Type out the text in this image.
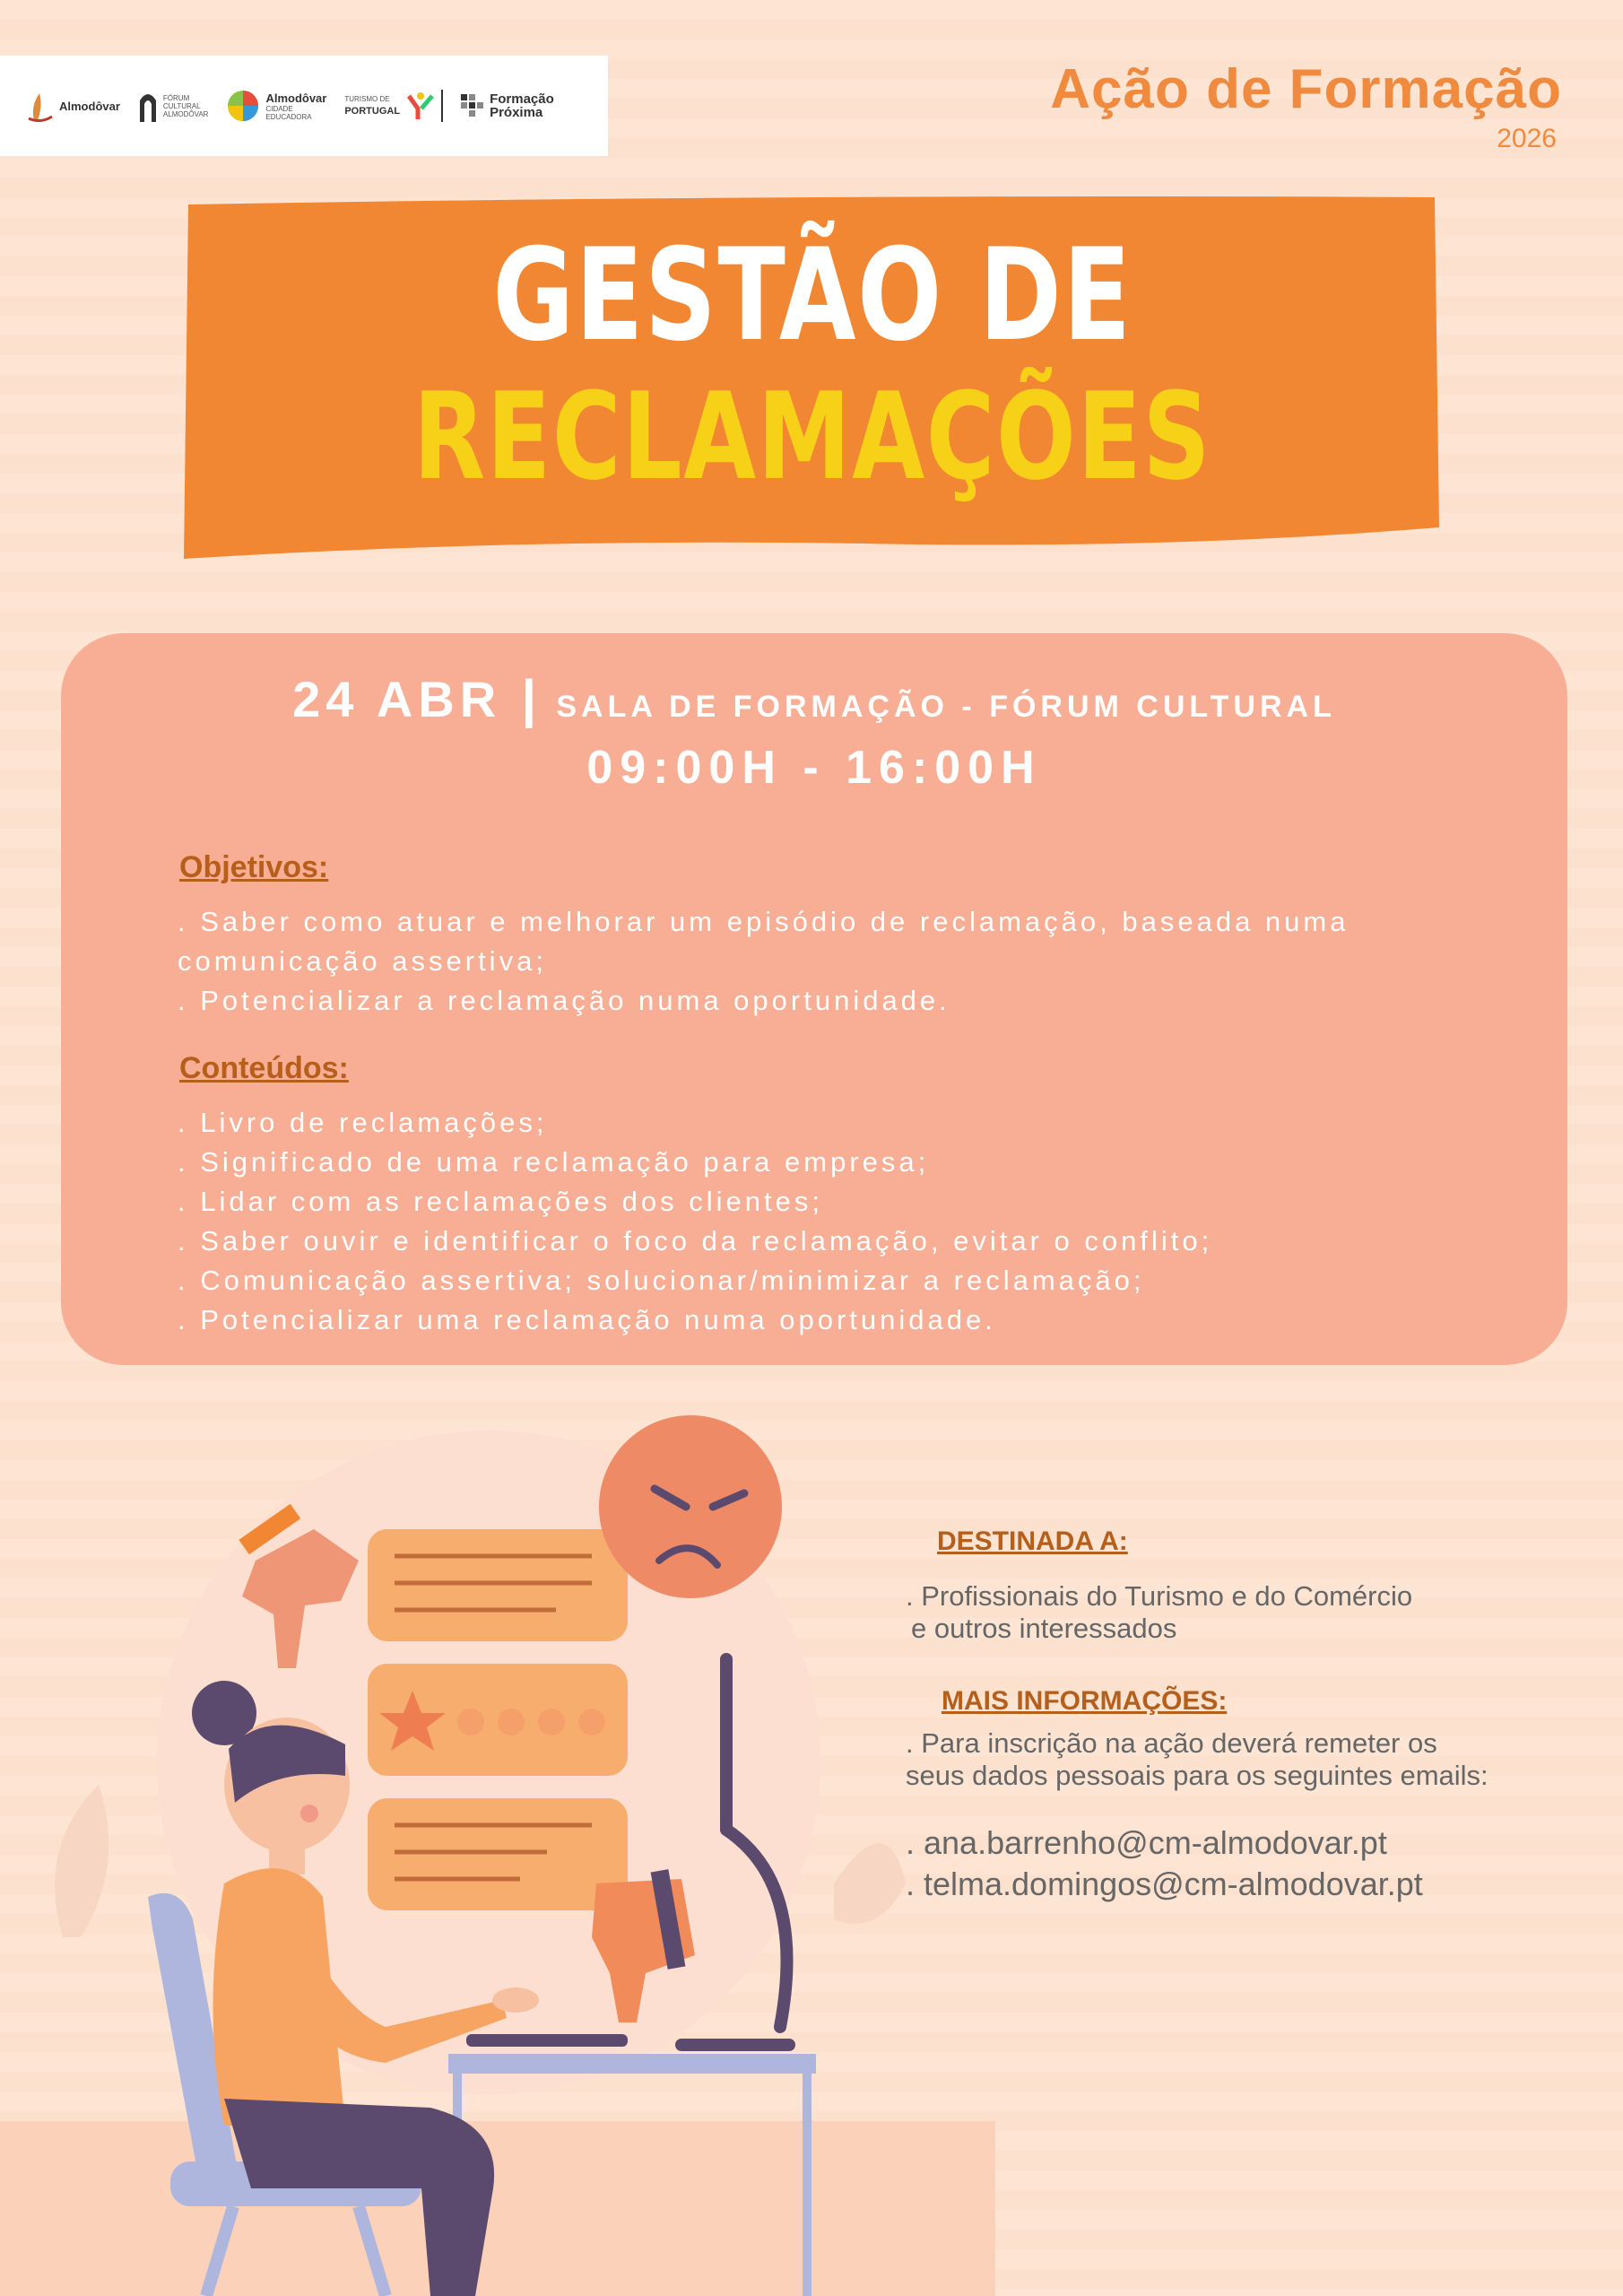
Almodôvar
FÓRUM
CULTURAL
ALMODÔVAR
Almodôvar
CIDADE
EDUCADORA
TURISMO DE
PORTUGAL
Formação
Próxima	Ação de Formação
2026
GESTÃO DE
RECLAMAÇÕES
24 ABR | SALA DE FORMAÇÃO - FÓRUM CULTURAL
09:00H - 16:00H
Objetivos:
. Saber como atuar e melhorar um episódio de reclamação, baseada numa
comunicação assertiva;
. Potencializar a reclamação numa oportunidade.
Conteúdos:
. Livro de reclamações;
. Significado de uma reclamação para empresa;
. Lidar com as reclamações dos clientes;
. Saber ouvir e identificar o foco da reclamação, evitar o conflito;
. Comunicação assertiva; solucionar/minimizar a reclamação;
. Potencializar uma reclamação numa oportunidade.
DESTINADA A:
. Profissionais do Turismo e do Comércio
e outros interessados
MAIS INFORMAÇÕES:
. Para inscrição na ação deverá remeter os
seus dados pessoais para os seguintes emails:
. ana.barrenho@cm-almodovar.pt
. telma.domingos@cm-almodovar.pt
